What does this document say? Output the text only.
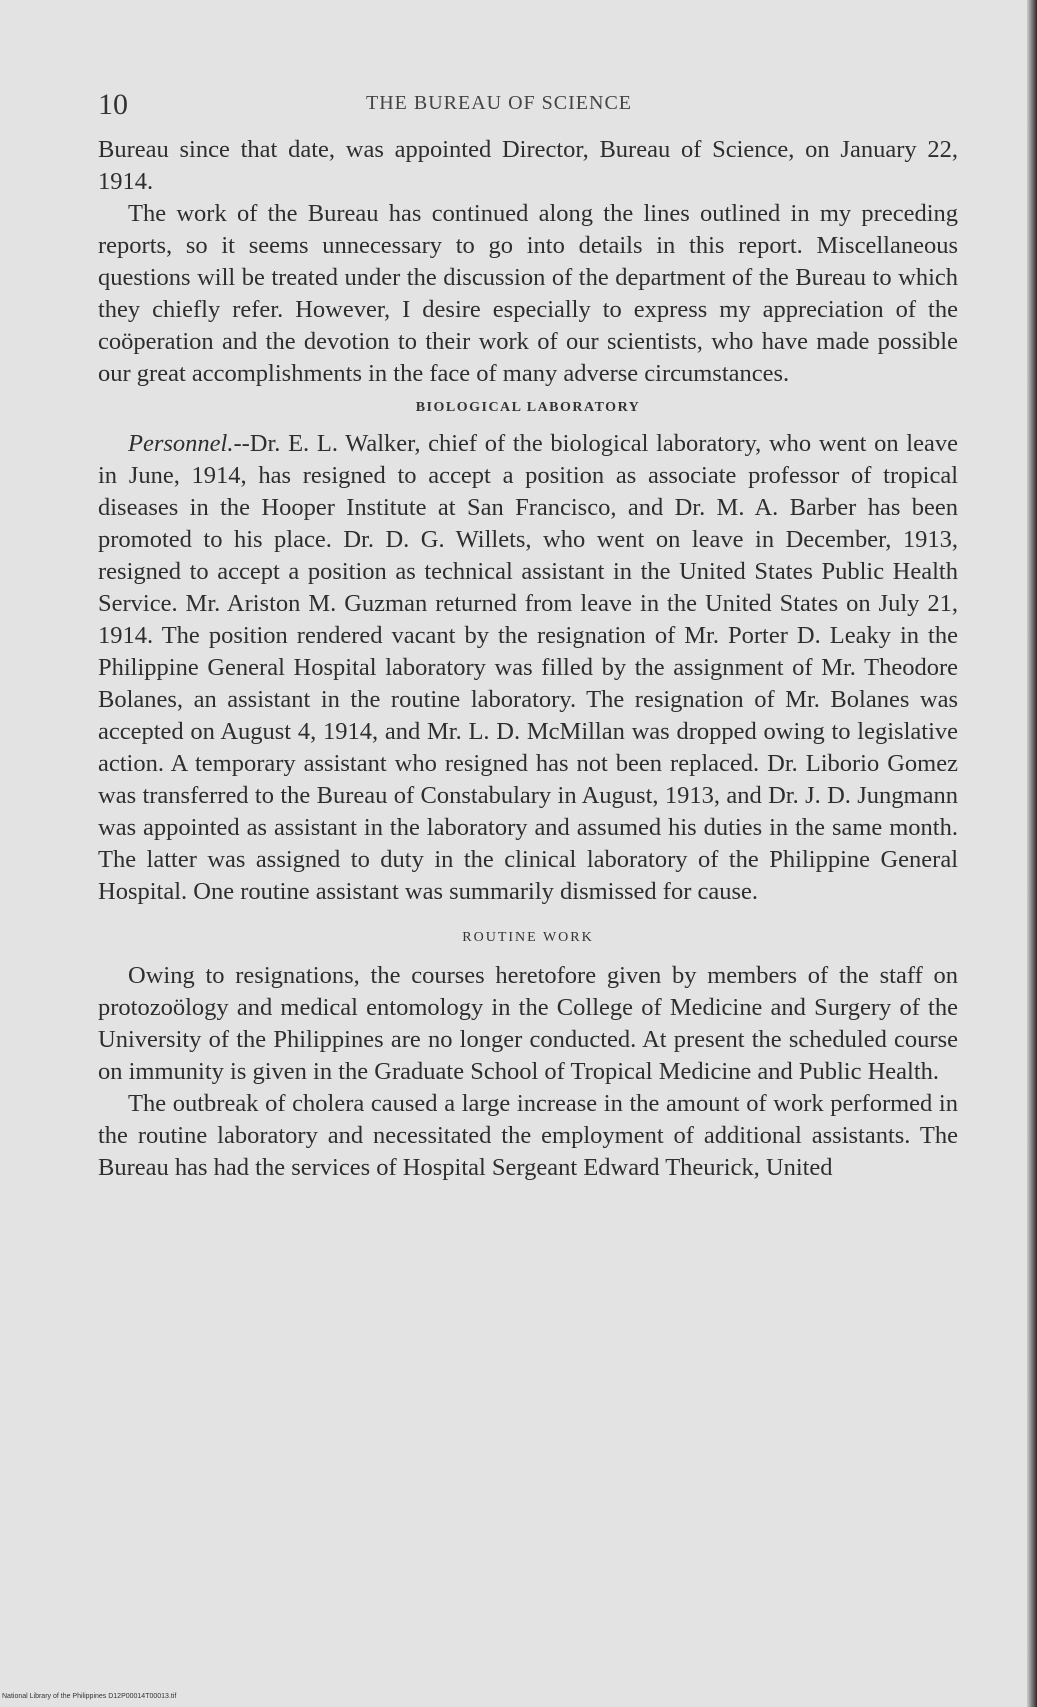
10	THE BUREAU OF SCIENCE

Bureau since that date, was appointed Director, Bureau of Science, on January 22, 1914.

The work of the Bureau has continued along the lines outlined in my preceding reports, so it seems unnecessary to go into details in this report. Miscellaneous questions will be treated under the discussion of the department of the Bureau to which they chiefly refer. However, I desire especially to express my appreciation of the coöperation and the devotion to their work of our scientists, who have made possible our great accomplishments in the face of many adverse circumstances.

BIOLOGICAL LABORATORY

Personnel.--Dr. E. L. Walker, chief of the biological laboratory, who went on leave in June, 1914, has resigned to accept a position as associate professor of tropical diseases in the Hooper Institute at San Francisco, and Dr. M. A. Barber has been promoted to his place. Dr. D. G. Willets, who went on leave in December, 1913, resigned to accept a position as technical assistant in the United States Public Health Service. Mr. Ariston M. Guzman returned from leave in the United States on July 21, 1914. The position rendered vacant by the resignation of Mr. Porter D. Leaky in the Philippine General Hospital laboratory was filled by the assignment of Mr. Theodore Bolanes, an assistant in the routine laboratory. The resignation of Mr. Bolanes was accepted on August 4, 1914, and Mr. L. D. McMillan was dropped owing to legislative action. A temporary assistant who resigned has not been replaced. Dr. Liborio Gomez was transferred to the Bureau of Constabulary in August, 1913, and Dr. J. D. Jungmann was appointed as assistant in the laboratory and assumed his duties in the same month. The latter was assigned to duty in the clinical laboratory of the Philippine General Hospital. One routine assistant was summarily dismissed for cause.

ROUTINE WORK

Owing to resignations, the courses heretofore given by members of the staff on protozoölogy and medical entomology in the College of Medicine and Surgery of the University of the Philippines are no longer conducted. At present the scheduled course on immunity is given in the Graduate School of Tropical Medicine and Public Health.

The outbreak of cholera caused a large increase in the amount of work performed in the routine laboratory and necessitated the employment of additional assistants. The Bureau has had the services of Hospital Sergeant Edward Theurick, United

National Library of the Philippines D12P00014T00013.tif
